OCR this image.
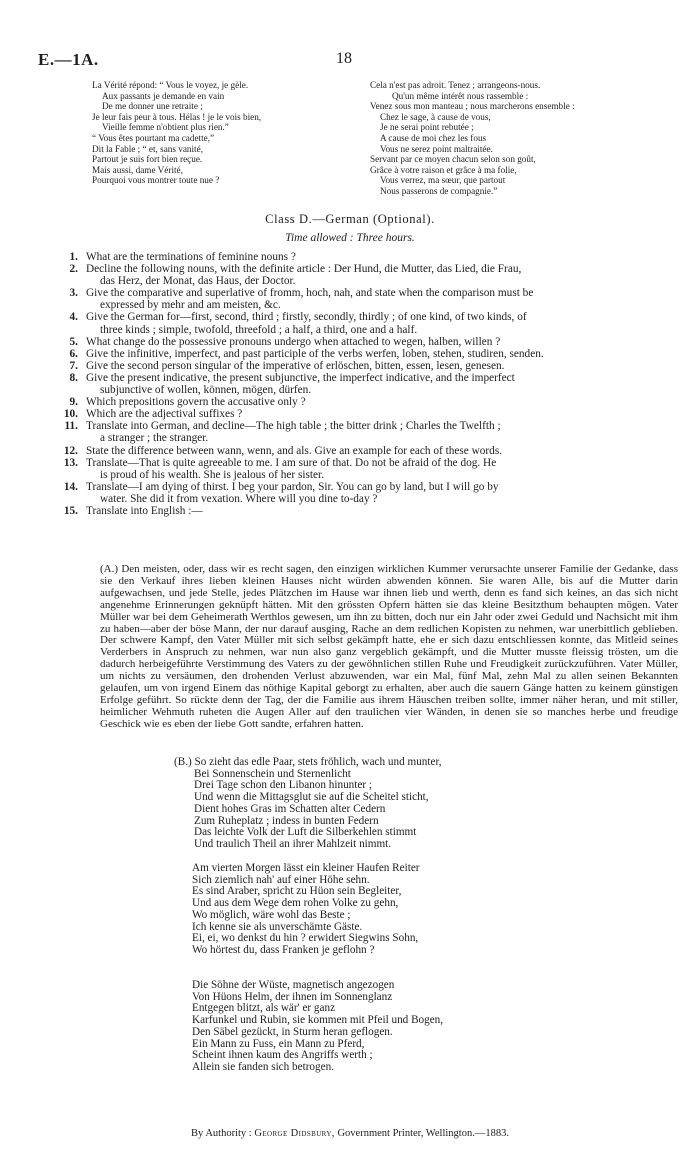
E.—1A.	18
La Vérité répond: “ Vous le voyez, je gèle.
Aux passants je demande en vain
De me donner une retraite ;
Je leur fais peur à tous. Hélas ! je le vois bien,
Vieille femme n'obtient plus rien.”
“ Vous êtes pourtant ma cadette,”
Dit la Fable ; “ et, sans vanité,
Partout je suis fort bien reçue.
Mais aussi, dame Vérité,
Pourquoi vous montrer toute nue ?
Cela n'est pas adroit. Tenez ; arrangeons-nous.
Qu'un même intérêt nous rassemble :
Venez sous mon manteau ; nous marcherons ensemble :
Chez le sage, à cause de vous,
Je ne serai point rebutée ;
A cause de moi chez les fous
Vous ne serez point maltraitée.
Servant par ce moyen chacun selon son goût,
Grâce à votre raison et grâce à ma folie,
Vous verrez, ma sœur, que partout
Nous passerons de compagnie.”
Class D.—German (Optional).
Time allowed : Three hours.
1. What are the terminations of feminine nouns ?
2. Decline the following nouns, with the definite article : Der Hund, die Mutter, das Lied, die Frau,
das Herz, der Monat, das Haus, der Doctor.
3. Give the comparative and superlative of fromm, hoch, nah, and state when the comparison must be
expressed by mehr and am meisten, &c.
4. Give the German for—first, second, third ; firstly, secondly, thirdly ; of one kind, of two kinds, of
three kinds ; simple, twofold, threefold ; a half, a third, one and a half.
5. What change do the possessive pronouns undergo when attached to wegen, halben, willen ?
6. Give the infinitive, imperfect, and past participle of the verbs werfen, loben, stehen, studiren, senden.
7. Give the second person singular of the imperative of erlöschen, bitten, essen, lesen, genesen.
8. Give the present indicative, the present subjunctive, the imperfect indicative, and the imperfect
subjunctive of wollen, können, mögen, dürfen.
9. Which prepositions govern the accusative only ?
10. Which are the adjectival suffixes ?
11. Translate into German, and decline—The high table ; the bitter drink ; Charles the Twelfth ;
a stranger ; the stranger.
12. State the difference between wann, wenn, and als. Give an example for each of these words.
13. Translate—That is quite agreeable to me. I am sure of that. Do not be afraid of the dog. He
is proud of his wealth. She is jealous of her sister.
14. Translate—I am dying of thirst. I beg your pardon, Sir. You can go by land, but I will go by
water. She did it from vexation. Where will you dine to-day ?
15. Translate into English :—
(A.) Den meisten, oder, dass wir es recht sagen, den einzigen wirklichen Kummer verursachte unserer Familie der Gedanke, dass sie den Verkauf ihres lieben kleinen Hauses nicht würden abwenden können. Sie waren Alle, bis auf die Mutter darin aufgewachsen, und jede Stelle, jedes Plätzchen im Hause war ihnen lieb und werth, denn es fand sich keines, an das sich nicht angenehme Erinnerungen geknüpft hätten. Mit den grössten Opfern hätten sie das kleine Besitzthum behaupten mögen. Vater Müller war bei dem Geheimerath Werthlos gewesen, um ihn zu bitten, doch nur ein Jahr oder zwei Geduld und Nachsicht mit ihm zu haben—aber der böse Mann, der nur darauf ausging, Rache an dem redlichen Kopisten zu nehmen, war unerbittlich geblieben. Der schwere Kampf, den Vater Müller mit sich selbst gekämpft hatte, ehe er sich dazu entschliessen konnte, das Mitleid seines Verderbers in Anspruch zu nehmen, war nun also ganz vergeblich gekämpft, und die Mutter musste fleissig trösten, um die dadurch herbeigeführte Verstimmung des Vaters zu der gewöhnlichen stillen Ruhe und Freudigkeit zurückzuführen. Vater Müller, um nichts zu versäumen, den drohenden Verlust abzuwenden, war ein Mal, fünf Mal, zehn Mal zu allen seinen Bekannten gelaufen, um von irgend Einem das nöthige Kapital geborgt zu erhalten, aber auch die sauern Gänge hatten zu keinem günstigen Erfolge geführt. So rückte denn der Tag, der die Familie aus ihrem Häuschen treiben sollte, immer näher heran, und mit stiller, heimlicher Wehmuth ruheten die Augen Aller auf den traulichen vier Wänden, in denen sie so manches herbe und freudige Geschick wie es eben der liebe Gott sandte, erfahren hatten.
(B.) So zieht das edle Paar, stets fröhlich, wach und munter,
Bei Sonnenschein und Sternenlicht
Drei Tage schon den Libanon hinunter ;
Und wenn die Mittagsglut sie auf die Scheitel sticht,
Dient hohes Gras im Schatten alter Cedern
Zum Ruheplatz ; indess in bunten Federn
Das leichte Volk der Luft die Silberkehlen stimmt
Und traulich Theil an ihrer Mahlzeit nimmt.
Am vierten Morgen lässt ein kleiner Haufen Reiter
Sich ziemlich nah' auf einer Höhe sehn.
Es sind Araber, spricht zu Hüon sein Begleiter,
Und aus dem Wege dem rohen Volke zu gehn,
Wo möglich, wäre wohl das Beste ;
Ich kenne sie als unverschämte Gäste.
Ei, ei, wo denkst du hin ? erwidert Siegwins Sohn,
Wo hörtest du, dass Franken je geflohn ?
Die Söhne der Wüste, magnetisch angezogen
Von Hüons Helm, der ihnen im Sonnenglanz
Entgegen blitzt, als wär' er ganz
Karfunkel und Rubin, sie kommen mit Pfeil und Bogen,
Den Säbel gezückt, in Sturm heran geflogen.
Ein Mann zu Fuss, ein Mann zu Pferd,
Scheint ihnen kaum des Angriffs werth ;
Allein sie fanden sich betrogen.
By Authority : George Didsbury, Government Printer, Wellington.—1883.
